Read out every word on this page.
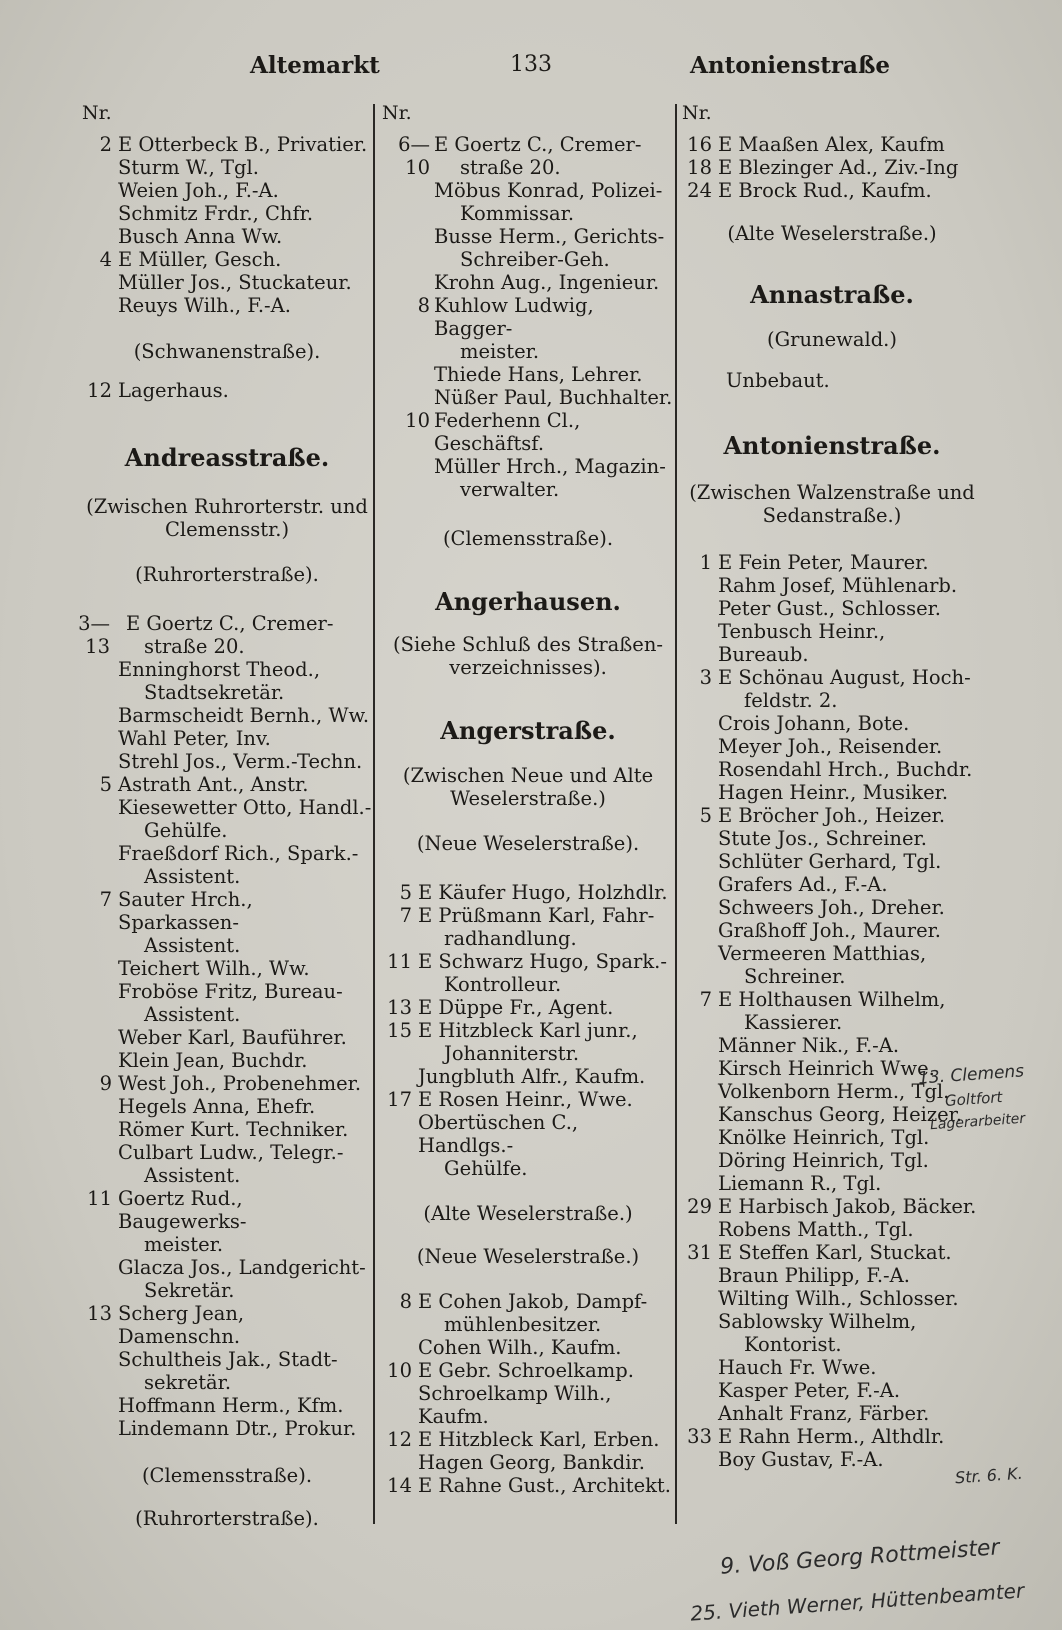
Altemarkt	133	Antonienstraße
Nr.
2 E Otterbeck B., Privatier.
Sturm W., Tgl.
Weien Joh., F.-A.
Schmitz Frdr., Chfr.
Busch Anna Ww.
4 E Müller, Gesch.
Müller Jos., Stuckateur.
Reuys Wilh., F.-A.
(Schwanenstraße).
12 Lagerhaus.
Andreasstraße.
(Zwischen Ruhrorterstr. und Clemensstr.)
(Ruhrorterstraße).
3—13
E Goertz C., Cremer-
straße 20.
Enninghorst Theod.,
Stadtsekretär.
Barmscheidt Bernh., Ww.
Wahl Peter, Inv.
Strehl Jos., Verm.-Techn.
5 Astrath Ant., Anstr.
Kiesewetter Otto, Handl.-
Gehülfe.
Fraeßdorf Rich., Spark.-
Assistent.
7 Sauter Hrch., Sparkassen-
Assistent.
Teichert Wilh., Ww.
Froböse Fritz, Bureau-
Assistent.
Weber Karl, Bauführer.
Klein Jean, Buchdr.
9 West Joh., Probenehmer.
Hegels Anna, Ehefr.
Römer Kurt. Techniker.
Culbart Ludw., Telegr.-
Assistent.
11 Goertz Rud., Baugewerks-
meister.
Glacza Jos., Landgericht-
Sekretär.
13 Scherg Jean, Damenschn.
Schultheis Jak., Stadt-
sekretär.
Hoffmann Herm., Kfm.
Lindemann Dtr., Prokur.
(Clemensstraße).
(Ruhrorterstraße).
Nr.
6—10
E Goertz C., Cremer-
straße 20.
Möbus Konrad, Polizei-
Kommissar.
Busse Herm., Gerichts-
Schreiber-Geh.
Krohn Aug., Ingenieur.
8 Kuhlow Ludwig, Bagger-
meister.
Thiede Hans, Lehrer.
Nüßer Paul, Buchhalter.
10 Federhenn Cl., Geschäftsf.
Müller Hrch., Magazin-
verwalter.
(Clemensstraße).
Angerhausen.
(Siehe Schluß des Straßen-verzeichnisses).
Angerstraße.
(Zwischen Neue und Alte Weselerstraße.)
(Neue Weselerstraße).
5 E Käufer Hugo, Holzhdlr.
7 E Prüßmann Karl, Fahr-
radhandlung.
11 E Schwarz Hugo, Spark.-
Kontrolleur.
13 E Düppe Fr., Agent.
15 E Hitzbleck Karl junr.,
Johanniterstr.
Jungbluth Alfr., Kaufm.
17 E Rosen Heinr., Wwe.
Obertüschen C., Handlgs.-
Gehülfe.
(Alte Weselerstraße.)
(Neue Weselerstraße.)
8 E Cohen Jakob, Dampf-
mühlenbesitzer.
Cohen Wilh., Kaufm.
10 E Gebr. Schroelkamp.
Schroelkamp Wilh., Kaufm.
12 E Hitzbleck Karl, Erben.
Hagen Georg, Bankdir.
14 E Rahne Gust., Architekt.
Nr.
16 E Maaßen Alex, Kaufm
18 E Blezinger Ad., Ziv.-Ing
24 E Brock Rud., Kaufm.
(Alte Weselerstraße.)
Annastraße.
(Grunewald.)
Unbebaut.
Antonienstraße.
(Zwischen Walzenstraße und Sedanstraße.)
1 E Fein Peter, Maurer.
Rahm Josef, Mühlenarb.
Peter Gust., Schlosser.
Tenbusch Heinr., Bureaub.
3 E Schönau August, Hoch-
feldstr. 2.
Crois Johann, Bote.
Meyer Joh., Reisender.
Rosendahl Hrch., Buchdr.
Hagen Heinr., Musiker.
5 E Bröcher Joh., Heizer.
Stute Jos., Schreiner.
Schlüter Gerhard, Tgl.
Grafers Ad., F.-A.
Schweers Joh., Dreher.
Graßhoff Joh., Maurer.
Vermeeren Matthias,
Schreiner.
7 E Holthausen Wilhelm,
Kassierer.
Männer Nik., F.-A.
Kirsch Heinrich Wwe.
Volkenborn Herm., Tgl.
Kanschus Georg, Heizer.
Knölke Heinrich, Tgl.
Döring Heinrich, Tgl.
Liemann R., Tgl.
29 E Harbisch Jakob, Bäcker.
Robens Matth., Tgl.
31 E Steffen Karl, Stuckat.
Braun Philipp, F.-A.
Wilting Wilh., Schlosser.
Sablowsky Wilhelm,
Kontorist.
Hauch Fr. Wwe.
Kasper Peter, F.-A.
Anhalt Franz, Färber.
33 E Rahn Herm., Althdlr.
Boy Gustav, F.-A.
13. Clemens
Goltfort
Lagerarbeiter
Str. 6. K.
9. Voß Georg Rottmeister
25. Vieth Werner, Hüttenbeamter
